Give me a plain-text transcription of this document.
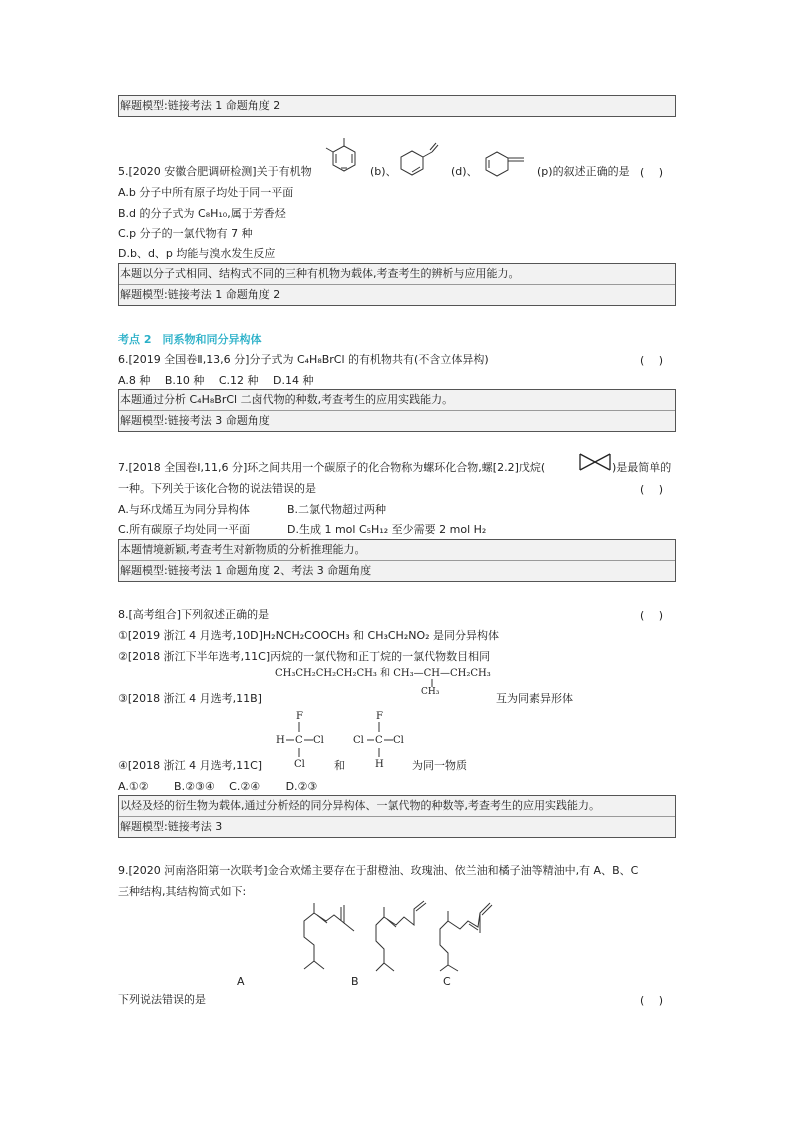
解题模型:链接考法 1 命题角度 2
5.[2020 安徽合肥调研检测]关于有机物	(b)、	(d)、	(p)的叙述正确的是 (　 )
A.b 分子中所有原子均处于同一平面
B.d 的分子式为 C₈H₁₀,属于芳香烃
C.p 分子的一氯代物有 7 种
D.b、d、p 均能与溴水发生反应
本题以分子式相同、结构式不同的三种有机物为载体,考查考生的辨析与应用能力。
解题模型:链接考法 1 命题角度 2
考点 2　同系物和同分异构体
6.[2019 全国卷Ⅱ,13,6 分]分子式为 C₄H₈BrCl 的有机物共有(不含立体异构)	(　 )
A.8 种　 B.10 种　 C.12 种　 D.14 种
本题通过分析 C₄H₈BrCl 二卤代物的种数,考查考生的应用实践能力。
解题模型:链接考法 3 命题角度
7.[2018 全国卷Ⅰ,11,6 分]环之间共用一个碳原子的化合物称为螺环化合物,螺[2.2]戊烷(	)是最简单的
一种。下列关于该化合物的说法错误的是	(　 )
A.与环戊烯互为同分异构体	B.二氯代物超过两种
C.所有碳原子均处同一平面	D.生成 1 mol C₅H₁₂ 至少需要 2 mol H₂
本题情境新颖,考查考生对新物质的分析推理能力。
解题模型:链接考法 1 命题角度 2、考法 3 命题角度
8.[高考组合]下列叙述正确的是	(　 )
①[2019 浙江 4 月选考,10D]H₂NCH₂COOCH₃ 和 CH₃CH₂NO₂ 是同分异构体
②[2018 浙江下半年选考,11C]丙烷的一氯代物和正丁烷的一氯代物数目相同
CH₃CH₂CH₂CH₂CH₃ 和 CH₃—CH—CH₂CH₃
CH₃
③[2018 浙江 4 月选考,11B]	互为同素异形体
F
H C Cl
Cl
F
Cl C Cl
H
④[2018 浙江 4 月选考,11C]	和	为同一物质
A.①②　　 B.②③④　 C.②④　　 D.②③
以烃及烃的衍生物为载体,通过分析烃的同分异构体、一氯代物的种数等,考查考生的应用实践能力。
解题模型:链接考法 3
9.[2020 河南洛阳第一次联考]金合欢烯主要存在于甜橙油、玫瑰油、依兰油和橘子油等精油中,有 A、B、C
三种结构,其结构简式如下:
A	B	C
下列说法错误的是	(　 )
